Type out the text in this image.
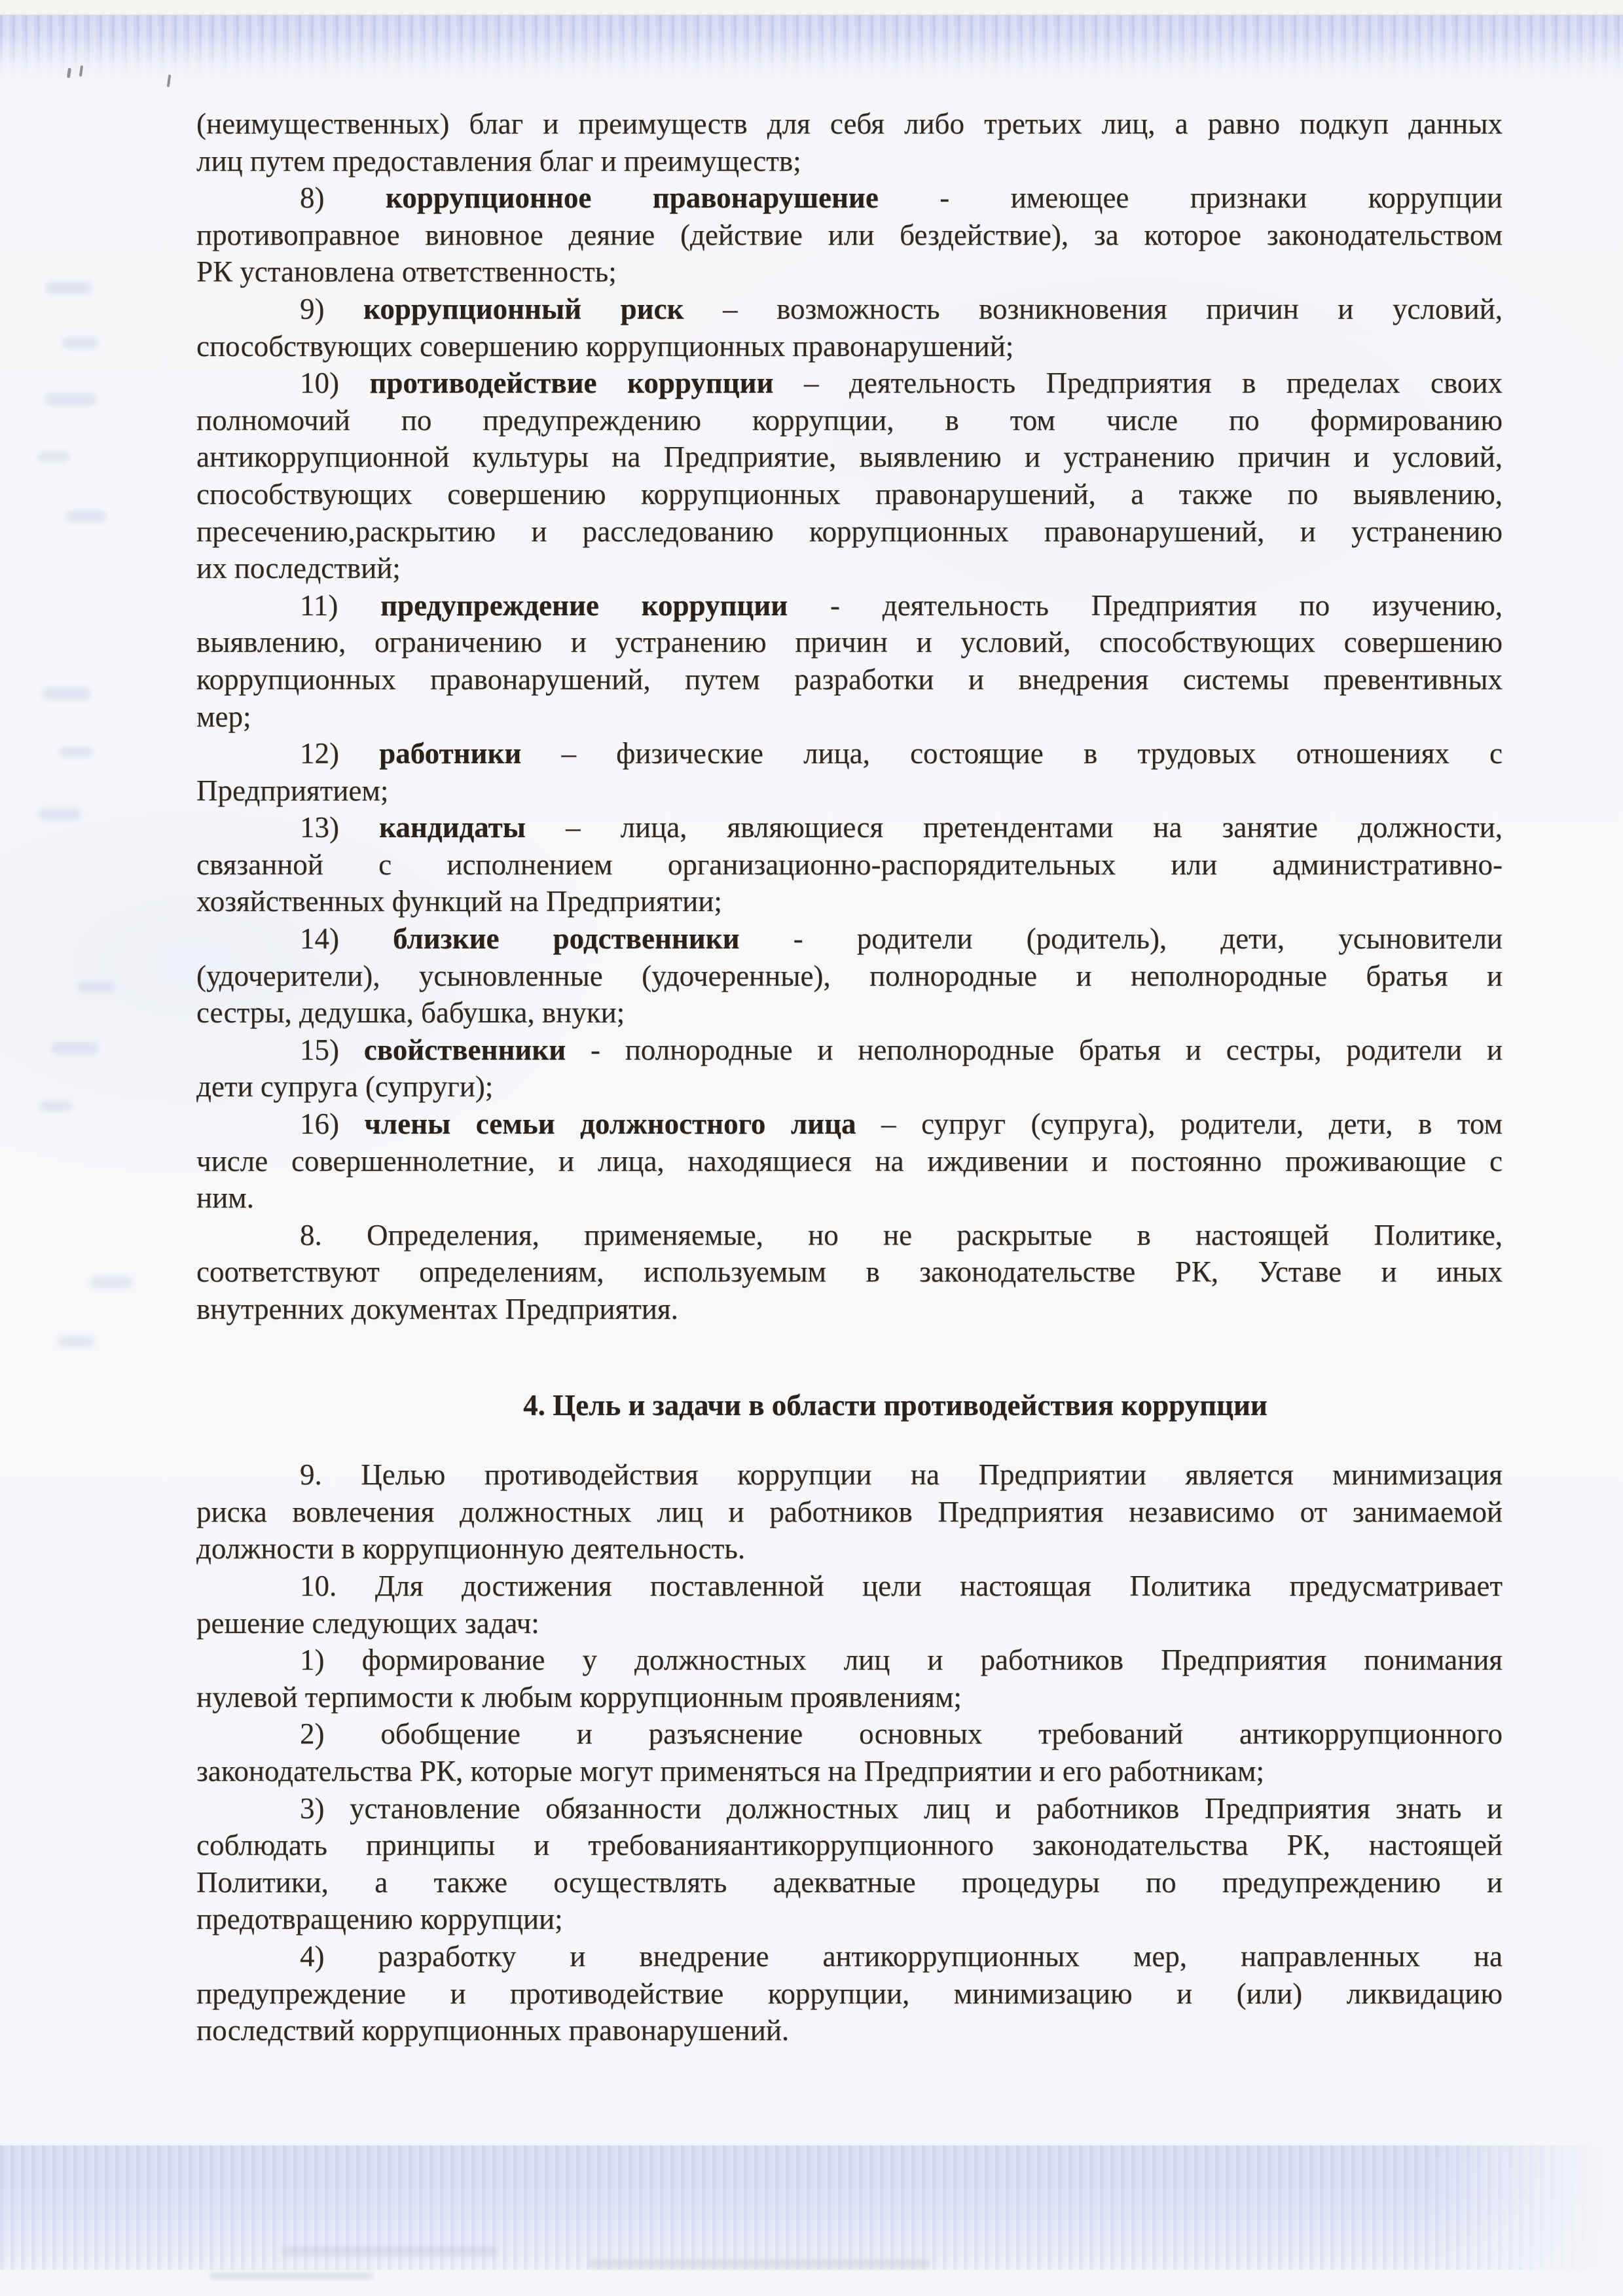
(неимущественных) благ и преимуществ для себя либо третьих лиц, а равно подкуп данных
лиц путем предоставления благ и преимуществ;
8) коррупционное правонарушение - имеющее признаки коррупции
противоправное виновное деяние (действие или бездействие), за которое законодательством
РК установлена ответственность;
9) коррупционный риск – возможность возникновения причин и условий,
способствующих совершению коррупционных правонарушений;
10) противодействие коррупции – деятельность Предприятия в пределах своих
полномочий по предупреждению коррупции, в том числе по формированию
антикоррупционной культуры на Предприятие, выявлению и устранению причин и условий,
способствующих совершению коррупционных правонарушений, а также по выявлению,
пресечению,раскрытию и расследованию коррупционных правонарушений, и устранению
их последствий;
11) предупреждение коррупции - деятельность Предприятия по изучению,
выявлению, ограничению и устранению причин и условий, способствующих совершению
коррупционных правонарушений, путем разработки и внедрения системы превентивных
мер;
12) работники – физические лица, состоящие в трудовых отношениях с
Предприятием;
13) кандидаты – лица, являющиеся претендентами на занятие должности,
связанной с исполнением организационно-распорядительных или административно-
хозяйственных функций на Предприятии;
14) близкие родственники - родители (родитель), дети, усыновители
(удочерители), усыновленные (удочеренные), полнородные и неполнородные братья и
сестры, дедушка, бабушка, внуки;
15) свойственники - полнородные и неполнородные братья и сестры, родители и
дети супруга (супруги);
16) члены семьи должностного лица – супруг (супруга), родители, дети, в том
числе совершеннолетние, и лица, находящиеся на иждивении и постоянно проживающие с
ним.
8. Определения, применяемые, но не раскрытые в настоящей Политике,
соответствуют определениям, используемым в законодательстве РК, Уставе и иных
внутренних документах Предприятия.
4. Цель и задачи в области противодействия коррупции
9. Целью противодействия коррупции на Предприятии является минимизация
риска вовлечения должностных лиц и работников Предприятия независимо от занимаемой
должности в коррупционную деятельность.
10. Для достижения поставленной цели настоящая Политика предусматривает
решение следующих задач:
1) формирование у должностных лиц и работников Предприятия понимания
нулевой терпимости к любым коррупционным проявлениям;
2) обобщение и разъяснение основных требований антикоррупционного
законодательства РК, которые могут применяться на Предприятии и его работникам;
3) установление обязанности должностных лиц и работников Предприятия знать и
соблюдать принципы и требованияантикоррупционного законодательства РК, настоящей
Политики, а также осуществлять адекватные процедуры по предупреждению и
предотвращению коррупции;
4) разработку и внедрение антикоррупционных мер, направленных на
предупреждение и противодействие коррупции, минимизацию и (или) ликвидацию
последствий коррупционных правонарушений.
